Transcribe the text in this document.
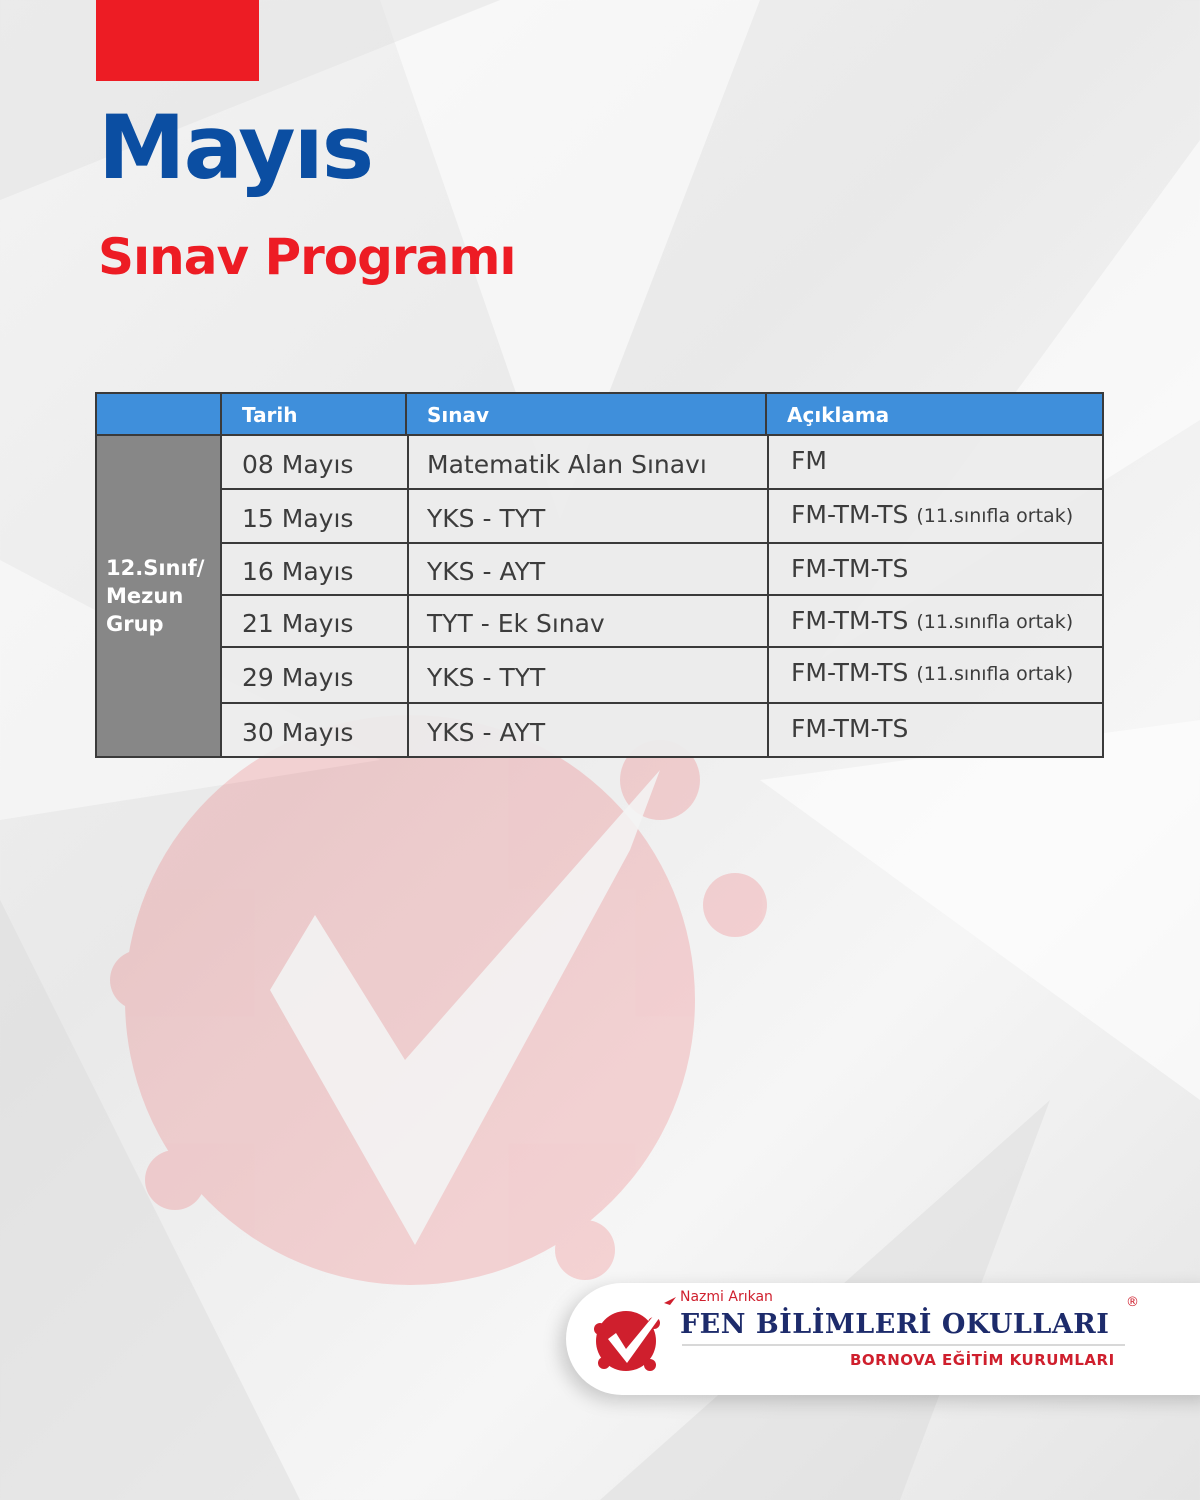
Mayıs
Sınav Programı
Tarih	Sınav	Açıklama

12.Sınıf/
Mezun
Grup

08 Mayıs	Matematik Alan Sınavı	FM
15 Mayıs	YKS - TYT	FM-TM-TS (11.sınıfla ortak)
16 Mayıs	YKS - AYT	FM-TM-TS
21 Mayıs	TYT - Ek Sınav	FM-TM-TS (11.sınıfla ortak)
29 Mayıs	YKS - TYT	FM-TM-TS (11.sınıfla ortak)
30 Mayıs	YKS - AYT	FM-TM-TS

Nazmi Arıkan

FEN BİLİMLERİ OKULLARI

BORNOVA EĞİTİM KURUMLARI

®
